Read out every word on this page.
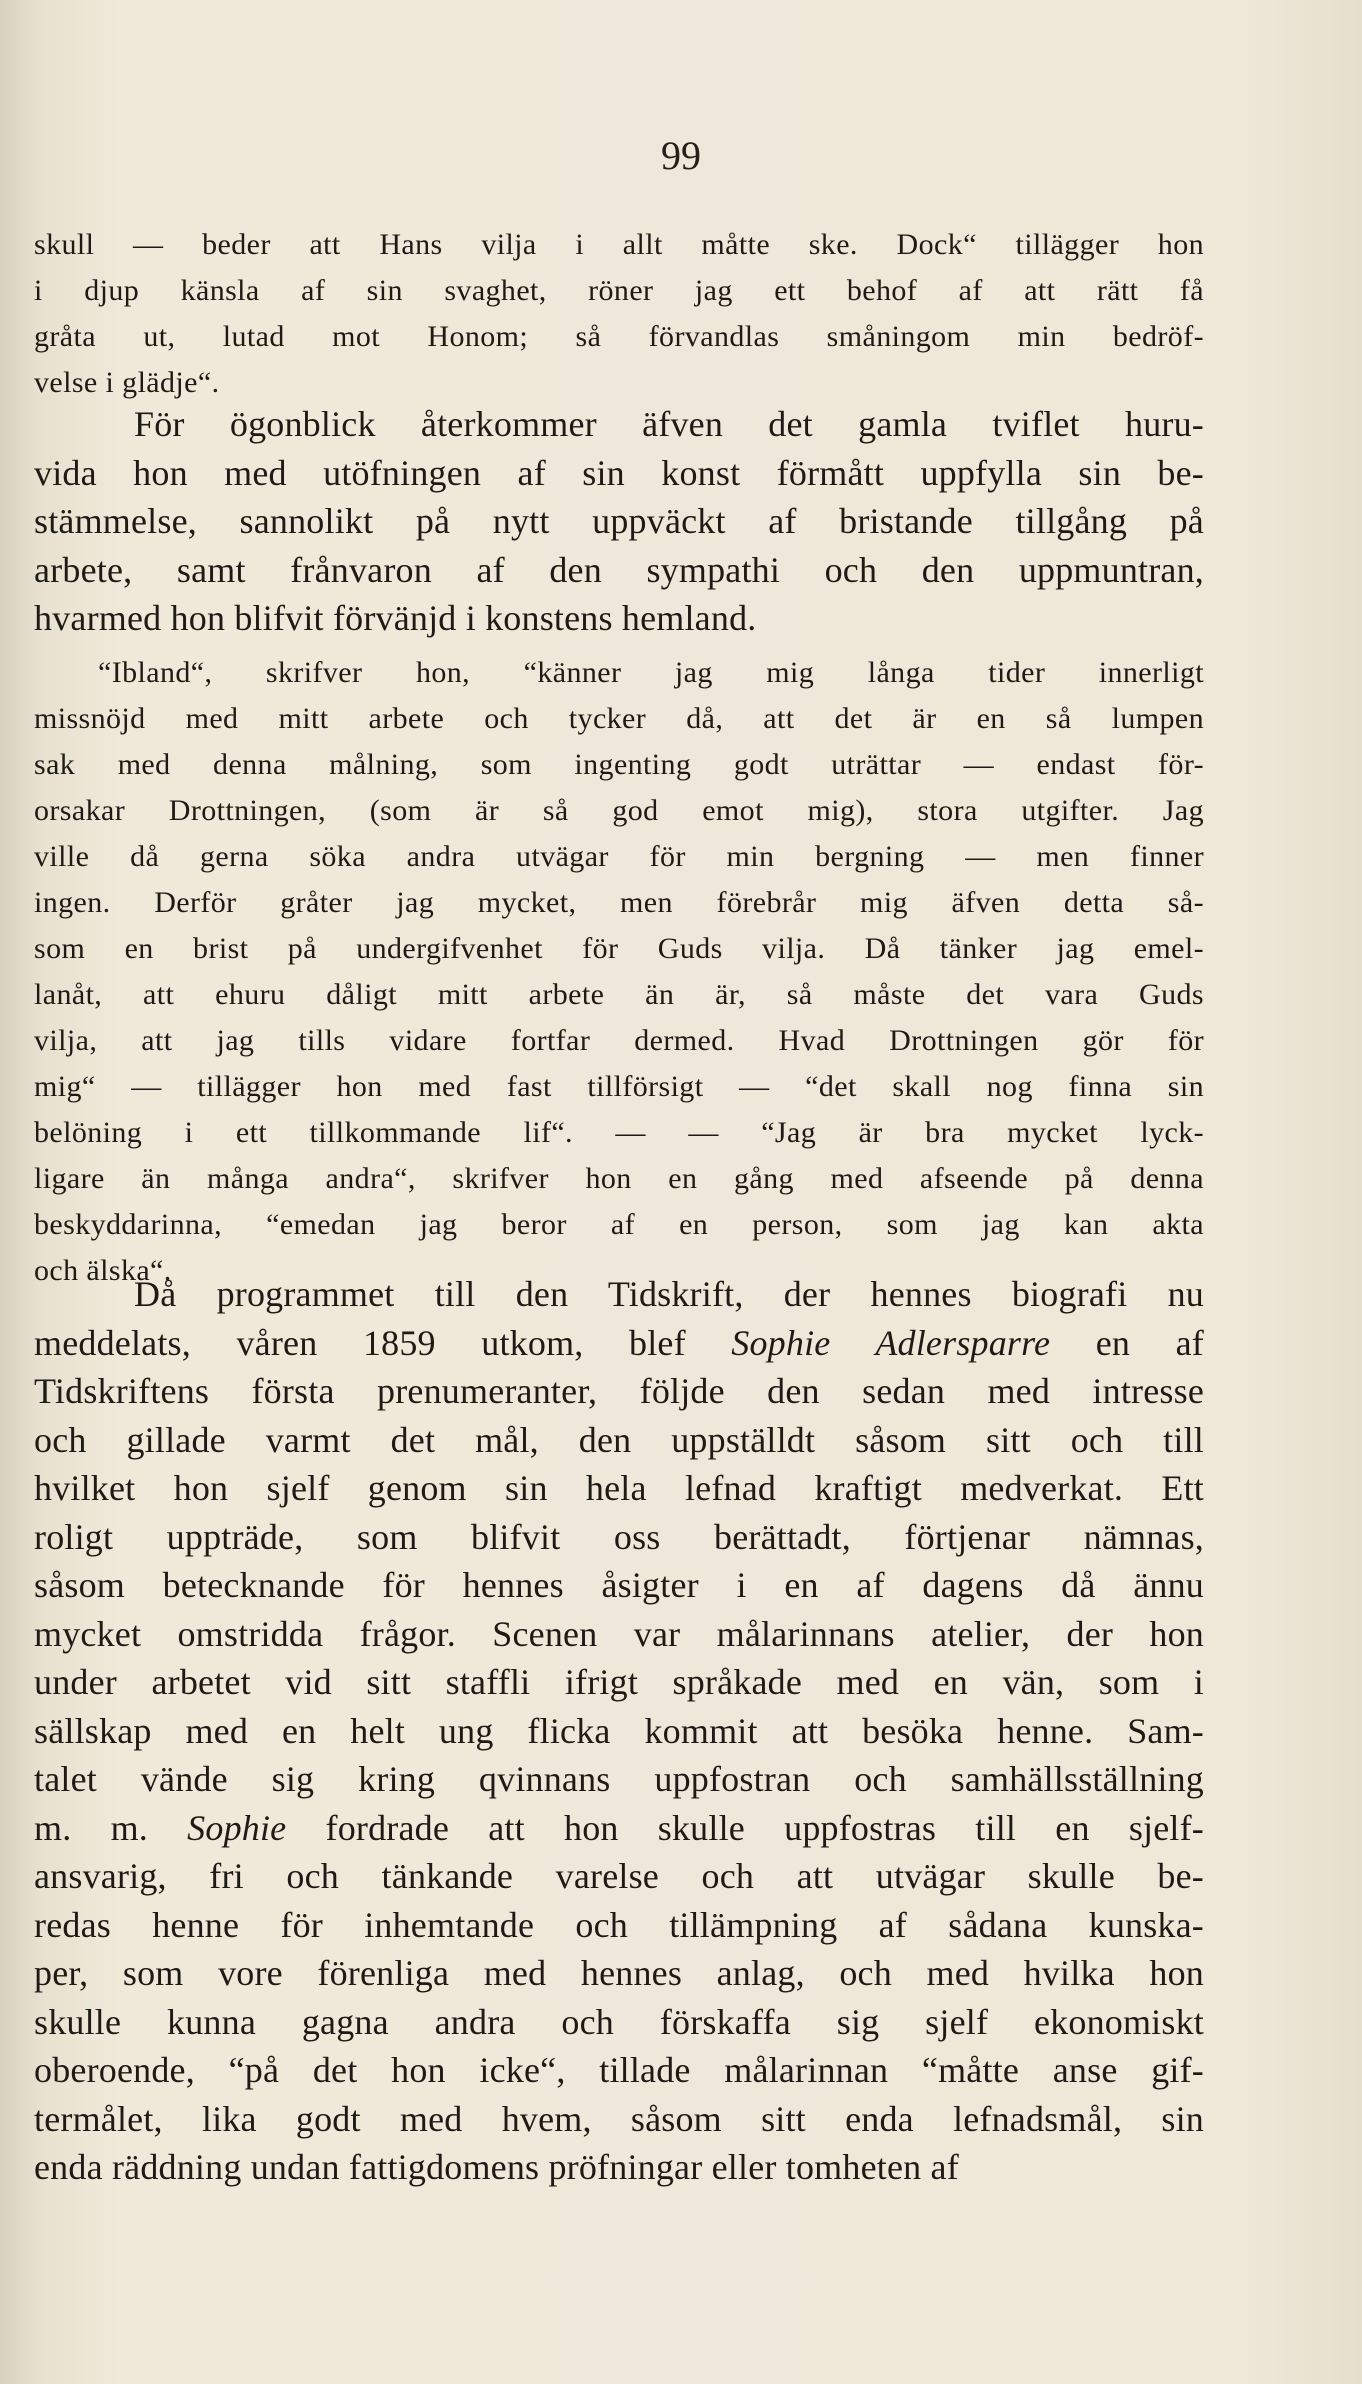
99
skull — beder att Hans vilja i allt måtte ske. Dock“ tillägger hon
i djup känsla af sin svaghet, röner jag ett behof af att rätt få
gråta ut, lutad mot Honom; så förvandlas småningom min bedröf-
velse i glädje“.
För ögonblick återkommer äfven det gamla tviflet huru-
vida hon med utöfningen af sin konst förmått uppfylla sin be-
stämmelse, sannolikt på nytt uppväckt af bristande tillgång på
arbete, samt frånvaron af den sympathi och den uppmuntran,
hvarmed hon blifvit förvänjd i konstens hemland.
“Ibland“, skrifver hon, “känner jag mig långa tider innerligt
missnöjd med mitt arbete och tycker då, att det är en så lumpen
sak med denna målning, som ingenting godt uträttar — endast för-
orsakar Drottningen, (som är så god emot mig), stora utgifter. Jag
ville då gerna söka andra utvägar för min bergning — men finner
ingen. Derför gråter jag mycket, men förebrår mig äfven detta så-
som en brist på undergifvenhet för Guds vilja. Då tänker jag emel-
lanåt, att ehuru dåligt mitt arbete än är, så måste det vara Guds
vilja, att jag tills vidare fortfar dermed. Hvad Drottningen gör för
mig“ — tillägger hon med fast tillförsigt — “det skall nog finna sin
belöning i ett tillkommande lif“. — — “Jag är bra mycket lyck-
ligare än många andra“, skrifver hon en gång med afseende på denna
beskyddarinna, “emedan jag beror af en person, som jag kan akta
och älska“.
Då programmet till den Tidskrift, der hennes biografi nu
meddelats, våren 1859 utkom, blef Sophie Adlersparre en af
Tidskriftens första prenumeranter, följde den sedan med intresse
och gillade varmt det mål, den uppställdt såsom sitt och till
hvilket hon sjelf genom sin hela lefnad kraftigt medverkat. Ett
roligt uppträde, som blifvit oss berättadt, förtjenar nämnas,
såsom betecknande för hennes åsigter i en af dagens då ännu
mycket omstridda frågor. Scenen var målarinnans atelier, der hon
under arbetet vid sitt staffli ifrigt språkade med en vän, som i
sällskap med en helt ung flicka kommit att besöka henne. Sam-
talet vände sig kring qvinnans uppfostran och samhällsställning
m. m. Sophie fordrade att hon skulle uppfostras till en sjelf-
ansvarig, fri och tänkande varelse och att utvägar skulle be-
redas henne för inhemtande och tillämpning af sådana kunska-
per, som vore förenliga med hennes anlag, och med hvilka hon
skulle kunna gagna andra och förskaffa sig sjelf ekonomiskt
oberoende, “på det hon icke“, tillade målarinnan “måtte anse gif-
termålet, lika godt med hvem, såsom sitt enda lefnadsmål, sin
enda räddning undan fattigdomens pröfningar eller tomheten af
